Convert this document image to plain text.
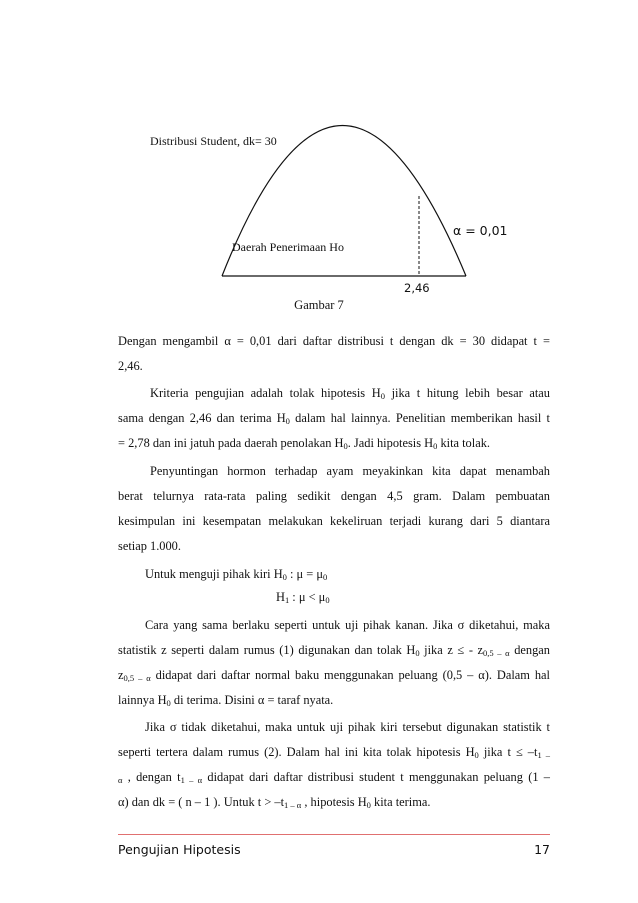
Distribusi Student, dk= 30
α = 0,01
Daerah Penerimaan Ho
2,46
Gambar 7
Dengan mengambil α = 0,01 dari daftar distribusi t dengan dk = 30 didapat t =
2,46.
Kriteria pengujian adalah tolak hipotesis $H_0$ jika t hitung lebih besar atau
sama dengan 2,46 dan terima $H_0$ dalam hal lainnya. Penelitian memberikan hasil t
= 2,78 dan ini jatuh pada daerah penolakan $H_0$. Jadi hipotesis $H_0$ kita tolak.
Penyuntingan hormon terhadap ayam meyakinkan kita dapat menambah
berat telurnya rata-rata paling sedikit dengan 4,5 gram. Dalam pembuatan
kesimpulan ini kesempatan melakukan kekeliruan terjadi kurang dari 5 diantara
setiap 1.000.
Untuk menguji pihak kiri $H_0$ : $\mu = \mu_0$
$H_1$ : $\mu < \mu_0$
Cara yang sama berlaku seperti untuk uji pihak kanan. Jika σ diketahui, maka
statistik z seperti dalam rumus (1) digunakan dan tolak $H_0$ jika z ≤ - $z_{0,5 - \alpha}$ dengan
$z_{0,5 - \alpha}$ didapat dari daftar normal baku menggunakan peluang (0,5 – α). Dalam hal
lainnya $H_0$ di terima. Disini α = taraf nyata.
Jika σ tidak diketahui, maka untuk uji pihak kiri tersebut digunakan statistik t
seperti tertera dalam rumus (2). Dalam hal ini kita tolak hipotesis $H_0$ jika $t \le -t_{1 -}$
$_\alpha$ , dengan $t_{1 - \alpha}$ didapat dari daftar distribusi student t menggunakan peluang (1 –
α) dan dk = ( n – 1 ). Untuk $t > -t_{1 - \alpha}$ , hipotesis $H_0$ kita terima.
Pengujian Hipotesis	17
